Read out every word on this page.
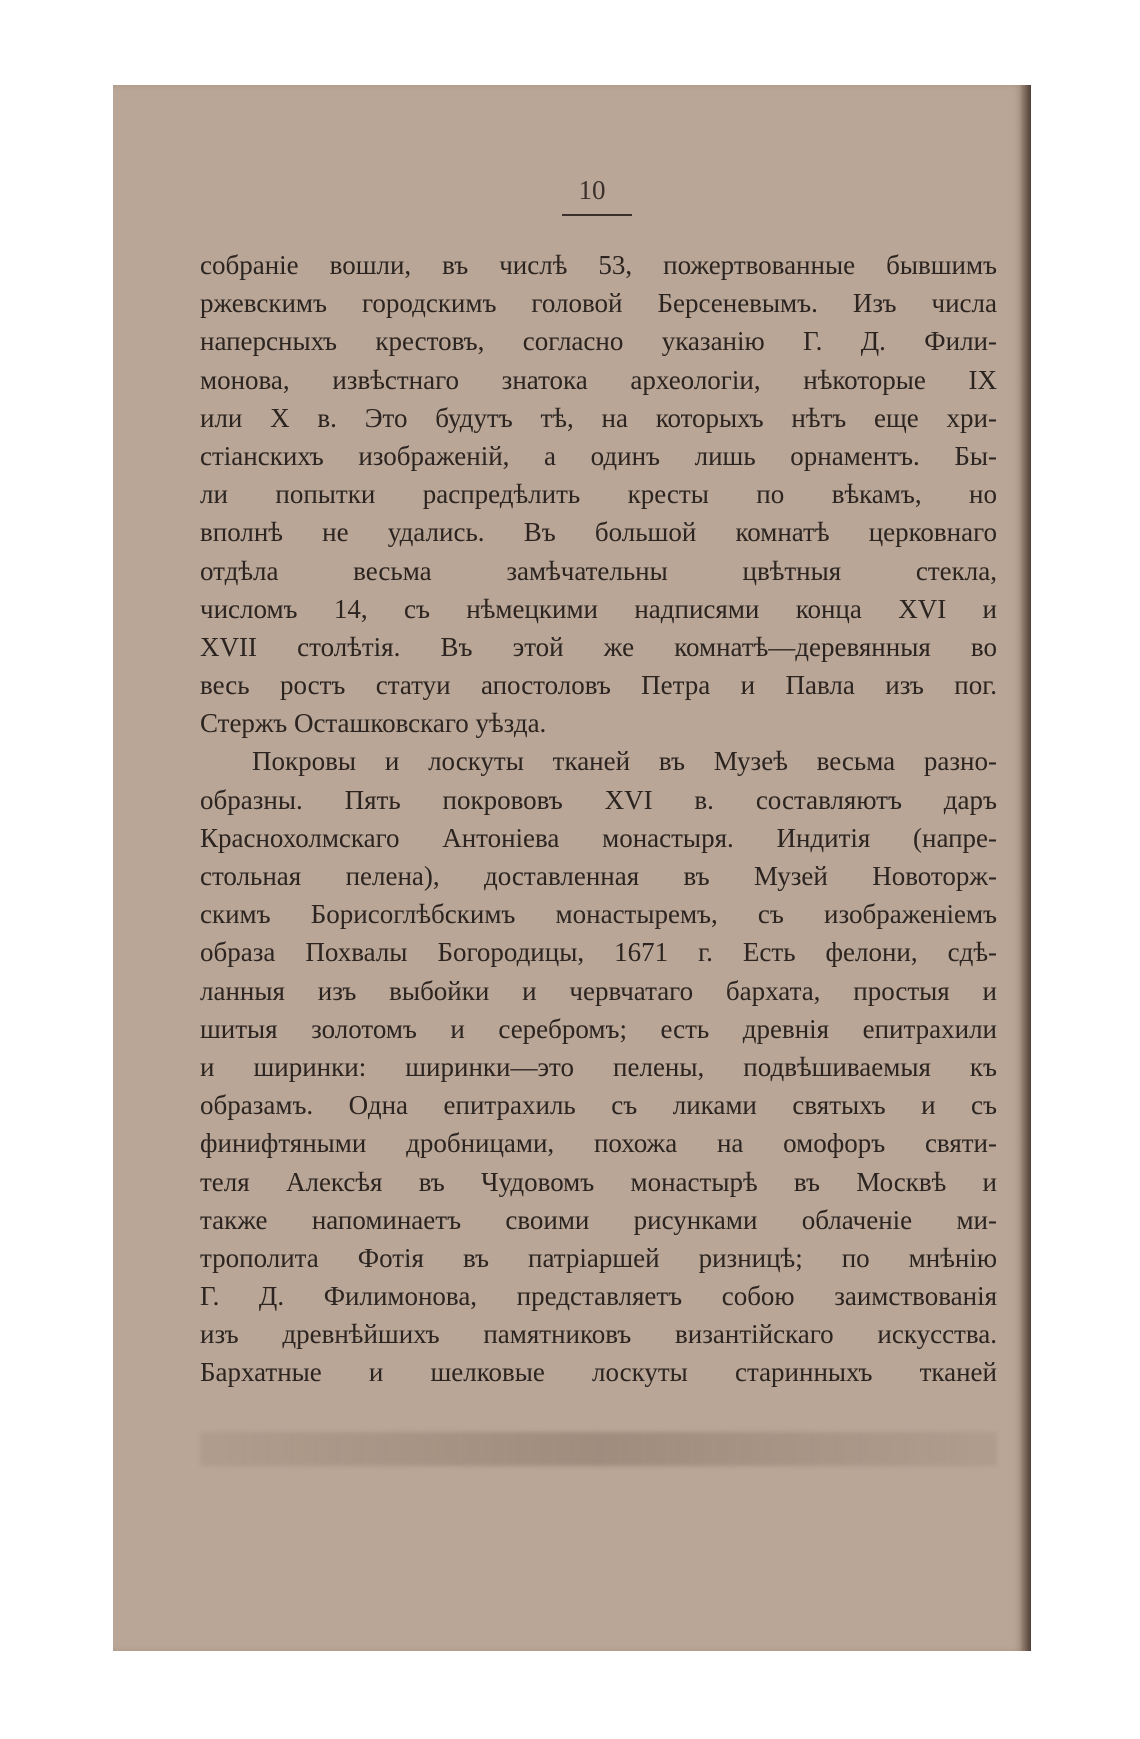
10
собраніе вошли, въ числѣ 53, пожертвованные бывшимъ
ржевскимъ городскимъ головой Берсеневымъ. Изъ числа
наперсныхъ крестовъ, согласно указанію Г. Д. Фили-
монова, извѣстнаго знатока археологіи, нѣкоторые IX
или X в. Это будутъ тѣ, на которыхъ нѣтъ еще хри-
стіанскихъ изображеній, а одинъ лишь орнаментъ. Бы-
ли попытки распредѣлить кресты по вѣкамъ, но
вполнѣ не удались. Въ большой комнатѣ церковнаго
отдѣла весьма замѣчательны цвѣтныя стекла,
числомъ 14, съ нѣмецкими надписями конца XVI и
XVII столѣтія. Въ этой же комнатѣ—деревянныя во
весь ростъ статуи апостоловъ Петра и Павла изъ пог.
Стержъ Осташковскаго уѣзда.
Покровы и лоскуты тканей въ Музеѣ весьма разно-
образны. Пять покрововъ XVI в. составляютъ даръ
Краснохолмскаго Антоніева монастыря. Индитія (напре-
стольная пелена), доставленная въ Музей Новоторж-
скимъ Борисоглѣбскимъ монастыремъ, съ изображеніемъ
образа Похвалы Богородицы, 1671 г. Есть фелони, сдѣ-
ланныя изъ выбойки и червчатаго бархата, простыя и
шитыя золотомъ и серебромъ; есть древнія епитрахили
и ширинки: ширинки—это пелены, подвѣшиваемыя къ
образамъ. Одна епитрахиль съ ликами святыхъ и съ
финифтяными дробницами, похожа на омофоръ святи-
теля Алексѣя въ Чудовомъ монастырѣ въ Москвѣ и
также напоминаетъ своими рисунками облаченіе ми-
трополита Фотія въ патріаршей ризницѣ; по мнѣнію
Г. Д. Филимонова, представляетъ собою заимствованія
изъ древнѣйшихъ памятниковъ византійскаго искусства.
Бархатные и шелковые лоскуты старинныхъ тканей
